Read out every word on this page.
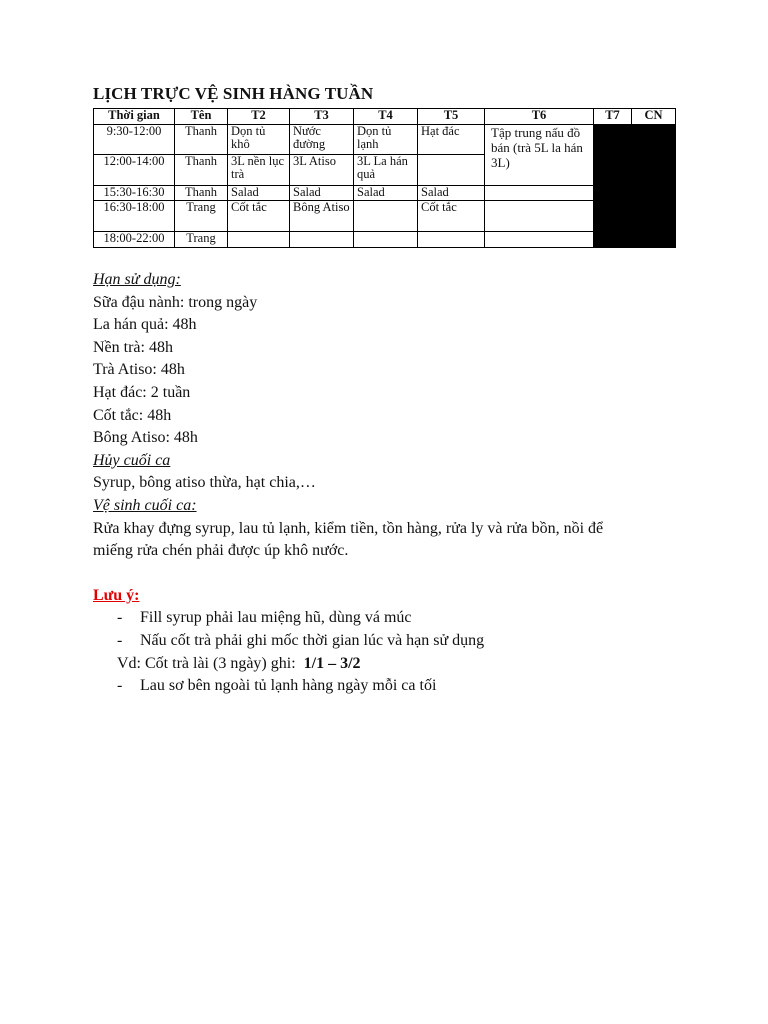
LỊCH TRỰC VỆ SINH HÀNG TUẦN
Thời gian	Tên	T2	T3	T4	T5	T6	T7	CN
9:30-12:00	Thanh	Dọn tủ khô	Nước đường	Dọn tủ lạnh	Hạt đác	Tập trung nấu đồ bán (trà 5L la hán 3L)		
12:00-14:00	Thanh	3L nền lục trà	3L Atiso	3L La hán quả				
15:30-16:30	Thanh	Salad	Salad	Salad	Salad			
16:30-18:00	Trang	Cốt tắc	Bông Atiso		Cốt tắc			
18:00-22:00	Trang							
Hạn sử dụng:
Sữa đậu nành: trong ngày
La hán quả: 48h
Nền trà: 48h
Trà Atiso: 48h
Hạt đác: 2 tuần
Cốt tắc: 48h
Bông Atiso: 48h
Hủy cuối ca
Syrup, bông atiso thừa, hạt chia,…
Vệ sinh cuối ca:
Rửa khay đựng syrup, lau tủ lạnh, kiểm tiền, tồn hàng, rửa ly và rửa bồn, nồi để
miếng rửa chén phải được úp khô nước.
Lưu ý:
- Fill syrup phải lau miệng hũ, dùng vá múc
- Nấu cốt trà phải ghi mốc thời gian lúc và hạn sử dụng
Vd: Cốt trà lài (3 ngày) ghi: 1/1 – 3/2
- Lau sơ bên ngoài tủ lạnh hàng ngày mỗi ca tối
